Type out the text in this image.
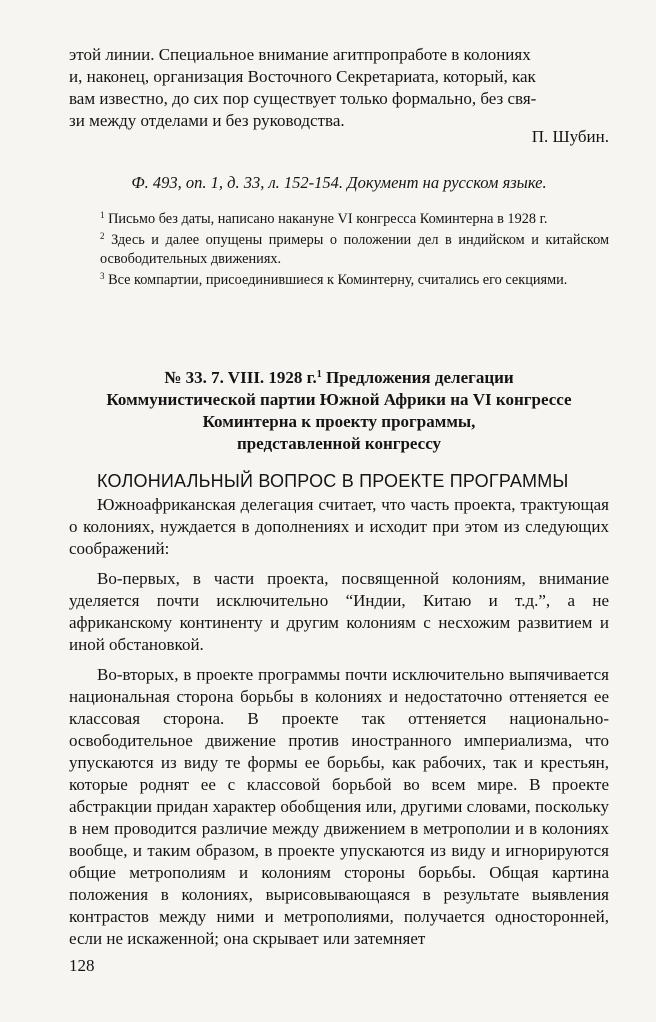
этой линии. Специальное внимание агитпропработе в колониях

и, наконец, организация Восточного Секретариата, который, как

вам известно, до сих пор существует только формально, без свя-

зи между отделами и без руководства.

П. Шубин.
Ф. 493, оп. 1, д. 33, л. 152-154. Документ на русском языке.

$^1$ Письмо без даты, написано накануне VI конгресса Коминтерна в 1928 г.

$^2$ Здесь и далее опущены примеры о положении дел в индийском и китайском освободительных движениях.

$^3$ Все компартии, присоединившиеся к Коминтерну, считались его секциями.

№ 33. 7. VIII. 1928 г.$^1$ Предложения делегации
Коммунистической партии Южной Африки на VI конгрессе
Коминтерна к проекту программы,
представленной конгрессу
КОЛОНИАЛЬНЫЙ ВОПРОС В ПРОЕКТЕ ПРОГРАММЫ

Южноафриканская делегация считает, что часть проекта, трактующая о колониях, нуждается в дополнениях и исходит при этом из следующих соображений:

Во-первых, в части проекта, посвященной колониям, внимание уделяется почти исключительно “Индии, Китаю и т.д.”, а не африканскому континенту и другим колониям с несхожим развитием и иной обстановкой.

Во-вторых, в проекте программы почти исключительно выпячивается национальная сторона борьбы в колониях и недостаточно оттеняется ее классовая сторона. В проекте так оттеняется национально-освободительное движение против иностранного империализма, что упускаются из виду те формы ее борьбы, как рабочих, так и крестьян, которые роднят ее с классовой борьбой во всем мире. В проекте абстракции придан характер обобщения или, другими словами, поскольку в нем проводится различие между движением в метрополии и в колониях вообще, и таким образом, в проекте упускаются из виду и игнорируются общие метрополиям и колониям стороны борьбы. Общая картина положения в колониях, вырисовывающаяся в результате выявления контрастов между ними и метрополиями, получается односторонней, если не искаженной; она скрывает или затемняет

128
